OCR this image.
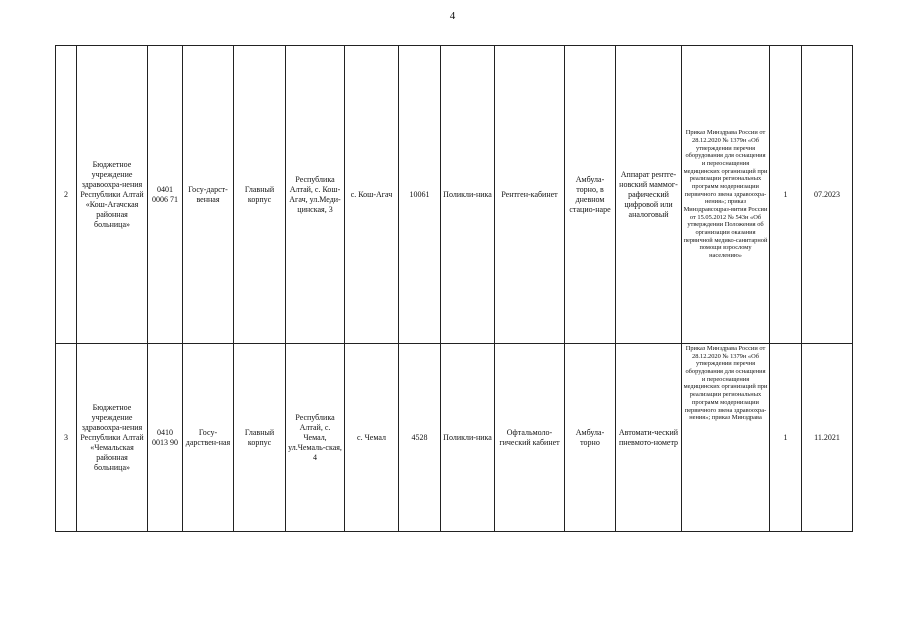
4
2	Бюджетное учреждение здравоохра-нения Республики Алтай «Кош-Агачская районная больница»	0401 0006 71	Госу-дарст-венная	Главный корпус	Республика Алтай, с. Кош-Агач, ул.Меди-цинская, 3	с. Кош-Агач	10061	Поликли-ника	Рентген-кабинет	Амбула-торно, в дневном стацио-наре	Аппарат рентге-новский маммог-рафический цифровой или аналоговый	Приказ Минздрава России от 28.12.2020 № 1379н «Об утверждении перечня оборудования для оснащения и переоснащения медицинских организаций при реализации региональных программ модернизации первичного звена здравоохра-нения»; приказ Минздравсоцраз-вития России от 15.05.2012 № 543н «Об утверждении Положения об организации оказания первичной медико-санитарной помощи взрослому населению»	1	07.2023
3	Бюджетное учреждение здравоохра-нения Республики Алтай «Чемальская районная больница»	0410 0013 90	Госу-дарствен-ная	Главный корпус	Республика Алтай, с. Чемал, ул.Чемаль-ская, 4	с. Чемал	4528	Поликли-ника	Офтальмоло-гический кабинет	Амбула-торно	Автомати-ческий пневмото-нометр	Приказ Минздрава России от 28.12.2020 № 1379н «Об утверждении перечня оборудования для оснащения и переоснащения медицинских организаций при реализации региональных программ модернизации первичного звена здравоохра-нения»; приказ Минздрава	1	11.2021
